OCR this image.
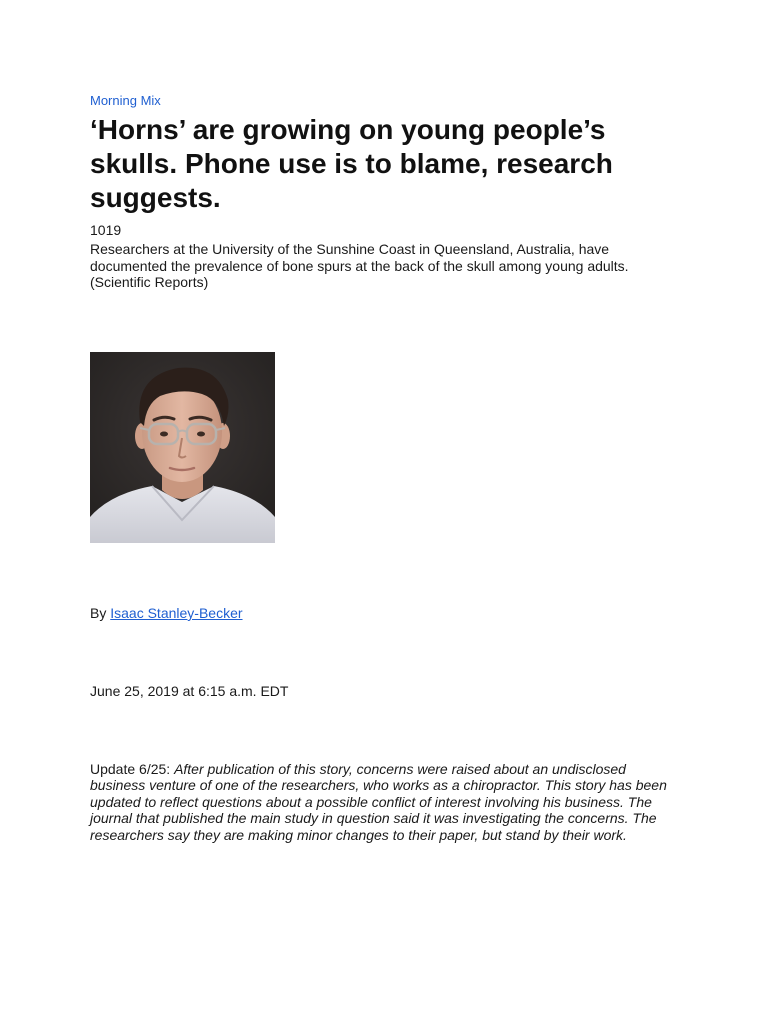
Morning Mix
‘Horns’ are growing on young people’s skulls. Phone use is to blame, research suggests.
1019

Researchers at the University of the Sunshine Coast in Queensland, Australia, have documented the prevalence of bone spurs at the back of the skull among young adults. (Scientific Reports)

By Isaac Stanley-Becker
June 25, 2019 at 6:15 a.m. EDT

Update 6/25: After publication of this story, concerns were raised about an undisclosed business venture of one of the researchers, who works as a chiropractor. This story has been updated to reflect questions about a possible conflict of interest involving his business. The journal that published the main study in question said it was investigating the concerns. The researchers say they are making minor changes to their paper, but stand by their work.
